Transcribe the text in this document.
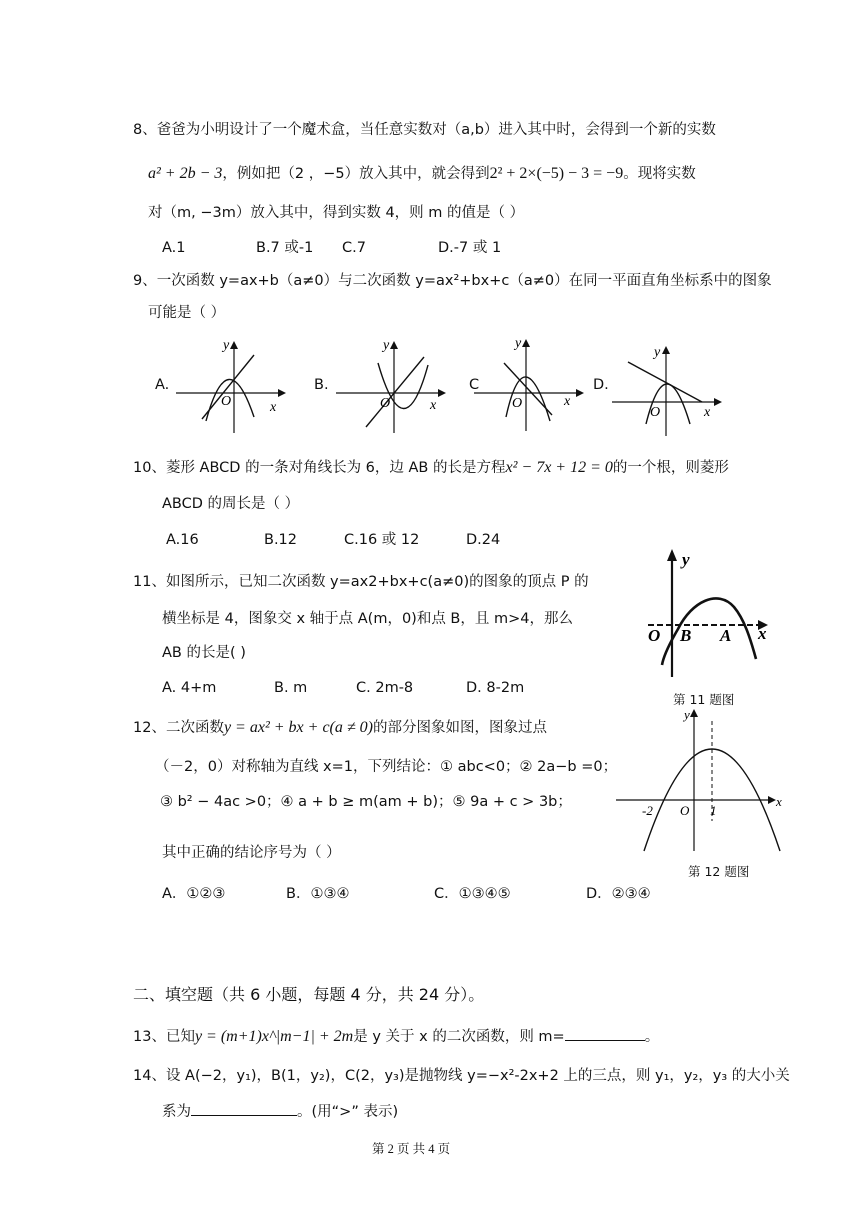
8、爸爸为小明设计了一个魔术盒，当任意实数对（a,b）进入其中时，会得到一个新的实数
a² + 2b − 3，例如把（2 ，−5）放入其中，就会得到2² + 2×(−5) − 3 = −9。现将实数
对（m, −3m）放入其中，得到实数 4，则 m 的值是（ ）
A.1	B.7 或-1 C.7	D.-7 或 1
9、一次函数 y=ax+b（a≠0）与二次函数 y=ax²+bx+c（a≠0）在同一平面直角坐标系中的图象
可能是（ ）
A.	B.	C	D.
O	x
y
O	x
y
O	x
y
O	x
y
10、菱形 ABCD 的一条对角线长为 6，边 AB 的长是方程x² − 7x + 12 = 0的一个根，则菱形
ABCD 的周长是（ ）
A.16	B.12	C.16 或 12	D.24
11、如图所示，已知二次函数 y=ax2+bx+c(a≠0)的图象的顶点 P 的
横坐标是 4，图象交 x 轴于点 A(m，0)和点 B，且 m>4，那么
AB 的长是( )
A. 4+m	B. m	C. 2m-8	D. 8-2m
y
O B A x
第 11 题图
12、二次函数y = ax² + bx + c(a ≠ 0)的部分图象如图，图象过点
（－2，0）对称轴为直线 x=1，下列结论：① abc<0；② 2a−b =0；
③ b² − 4ac >0；④ a + b ≥ m(am + b)；⑤ 9a + c > 3b；
其中正确的结论序号为（ ）
A．①②③	B．①③④	C．①③④⑤	D．②③④
-2 O 1
x
y
第 12 题图
二、填空题（共 6 小题，每题 4 分，共 24 分）。
13、已知y = (m+1)x^|m−1| + 2m是 y 关于 x 的二次函数，则 m=	。
14、设 A(−2，y₁)，B(1，y₂)，C(2，y₃)是抛物线 y=−x²-2x+2 上的三点，则 y₁，y₂，y₃ 的大小关
系为	。(用“>” 表示)
第 2 页 共 4 页
